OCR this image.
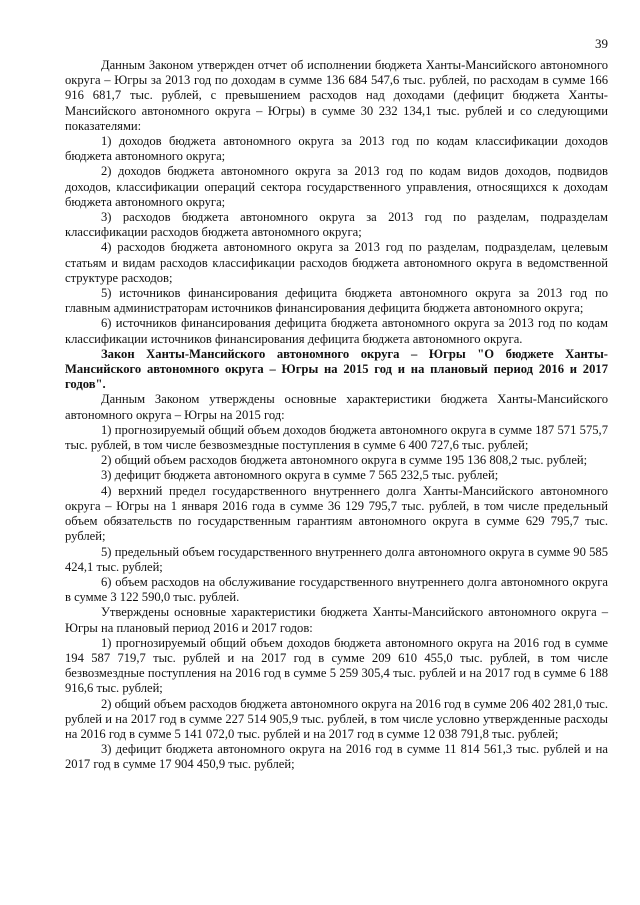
39

Данным Законом утвержден отчет об исполнении бюджета Ханты-Мансийского автономного округа – Югры за 2013 год по доходам в сумме 136 684 547,6 тыс. рублей, по расходам в сумме 166 916 681,7 тыс. рублей, с превышением расходов над доходами (дефицит бюджета Ханты-Мансийского автономного округа – Югры) в сумме 30 232 134,1 тыс. рублей и со следующими показателями:

1) доходов бюджета автономного округа за 2013 год по кодам классификации доходов бюджета автономного округа;

2) доходов бюджета автономного округа за 2013 год по кодам видов доходов, подвидов доходов, классификации операций сектора государственного управления, относящихся к доходам бюджета автономного округа;

3) расходов бюджета автономного округа за 2013 год по разделам, подразделам классификации расходов бюджета автономного округа;

4) расходов бюджета автономного округа за 2013 год по разделам, подразделам, целевым статьям и видам расходов классификации расходов бюджета автономного округа в ведомственной структуре расходов;

5) источников финансирования дефицита бюджета автономного округа за 2013 год по главным администраторам источников финансирования дефицита бюджета автономного округа;

6) источников финансирования дефицита бюджета автономного округа за 2013 год по кодам классификации источников финансирования дефицита бюджета автономного округа.

Закон Ханты-Мансийского автономного округа – Югры "О бюджете Ханты-Мансийского автономного округа – Югры на 2015 год и на плановый период 2016 и 2017 годов".

Данным Законом утверждены основные характеристики бюджета Ханты-Мансийского автономного округа – Югры на 2015 год:

1) прогнозируемый общий объем доходов бюджета автономного округа в сумме 187 571 575,7 тыс. рублей, в том числе безвозмездные поступления в сумме 6 400 727,6 тыс. рублей;

2) общий объем расходов бюджета автономного округа в сумме 195 136 808,2 тыс. рублей;

3) дефицит бюджета автономного округа в сумме 7 565 232,5 тыс. рублей;

4) верхний предел государственного внутреннего долга Ханты-Мансийского автономного округа – Югры на 1 января 2016 года в сумме 36 129 795,7 тыс. рублей, в том числе предельный объем обязательств по государственным гарантиям автономного округа в сумме 629 795,7 тыс. рублей;

5) предельный объем государственного внутреннего долга автономного округа в сумме 90 585 424,1 тыс. рублей;

6) объем расходов на обслуживание государственного внутреннего долга автономного округа в сумме 3 122 590,0 тыс. рублей.

Утверждены основные характеристики бюджета Ханты-Мансийского автономного округа – Югры на плановый период 2016 и 2017 годов:

1) прогнозируемый общий объем доходов бюджета автономного округа на 2016 год в сумме 194 587 719,7 тыс. рублей и на 2017 год в сумме 209 610 455,0 тыс. рублей, в том числе безвозмездные поступления на 2016 год в сумме 5 259 305,4 тыс. рублей и на 2017 год в сумме 6 188 916,6 тыс. рублей;

2) общий объем расходов бюджета автономного округа на 2016 год в сумме 206 402 281,0 тыс. рублей и на 2017 год в сумме 227 514 905,9 тыс. рублей, в том числе условно утвержденные расходы на 2016 год в сумме 5 141 072,0 тыс. рублей и на 2017 год в сумме 12 038 791,8 тыс. рублей;

3) дефицит бюджета автономного округа на 2016 год в сумме 11 814 561,3 тыс. рублей и на 2017 год в сумме 17 904 450,9 тыс. рублей;
